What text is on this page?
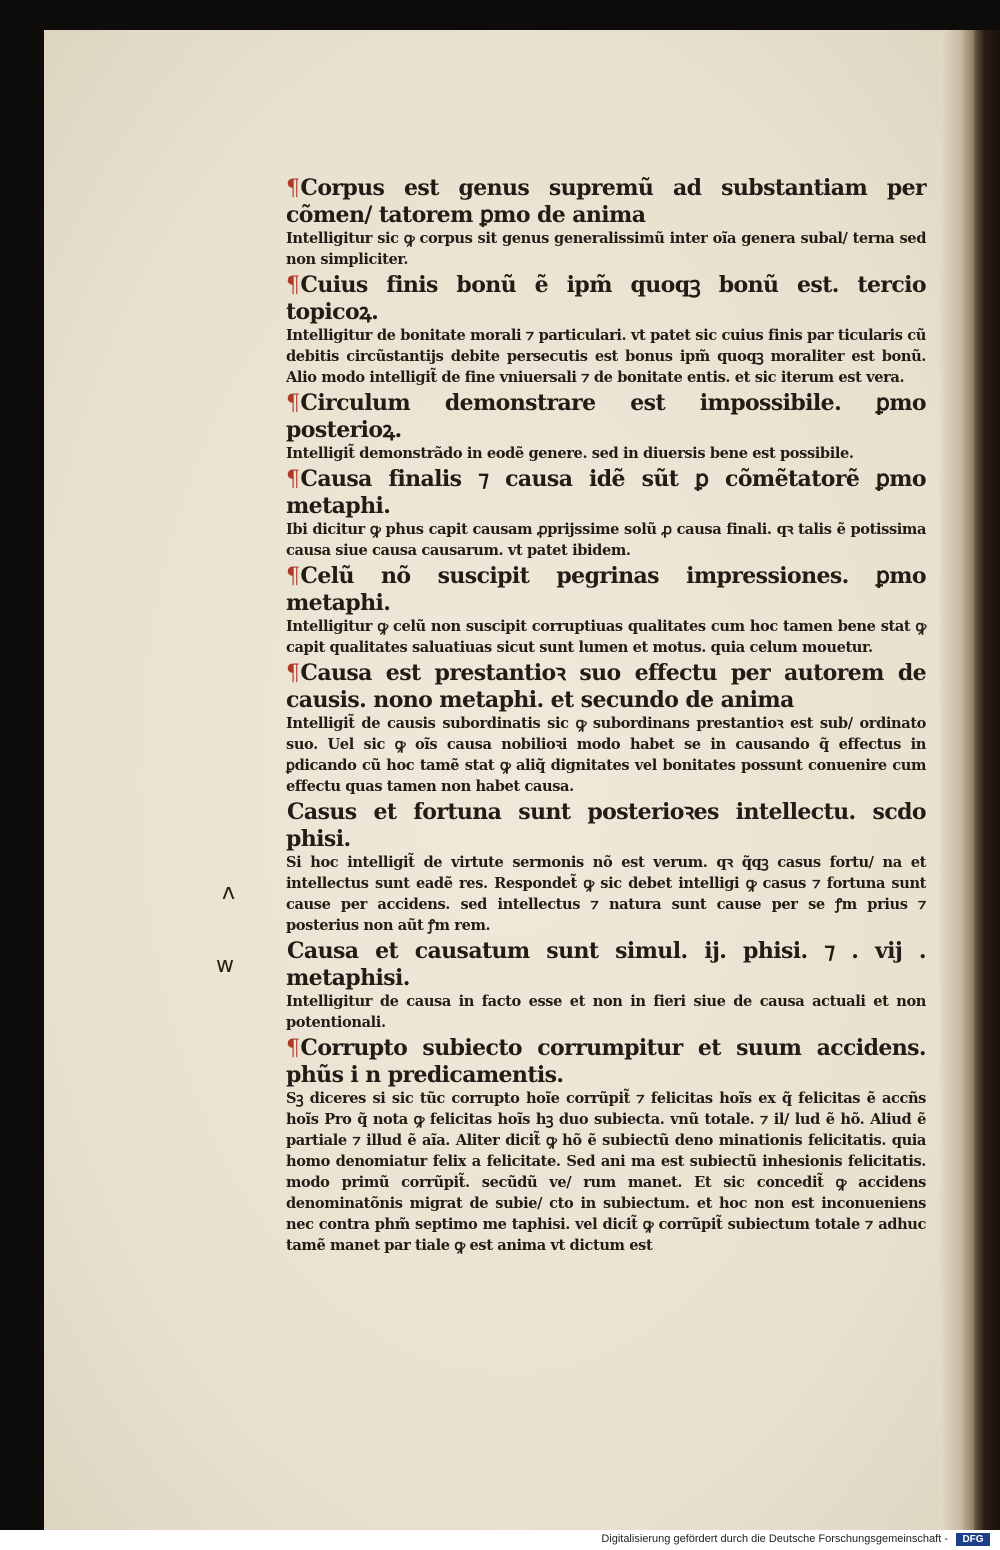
ʌ
w

¶Corpus est genus supremũ ad substantiam per cõmen/ tatorem ꝑmo de anima

Intelligitur sic ꝙ corpus sit genus generalissimũ inter oĩa genera subal/ terna sed non simpliciter.

¶Cuius finis bonũ ẽ ipm̃ quoqꝫ bonũ est. tercio topicoꝝ.

Intelligitur de bonitate morali ⁊ particulari. vt patet sic cuius finis par ticularis cũ debitis circũstantijs debite persecutis est bonus ipm̃ quoqꝫ moraliter est bonũ. Alio modo intelligit̃ de fine vniuersali ⁊ de bonitate entis. et sic iterum est vera.

¶Circulum demonstrare est impossibile. ꝑmo posterioꝝ.

Intelligit̃ demonstrãdo in eodẽ genere. sed in diuersis bene est possibile.

¶Causa finalis ⁊ causa idẽ sũt ꝑ cõmẽtatorẽ ꝑmo metaphi.

Ibi dicitur ꝙ phus capit causam ꝓprijssime solũ ꝓ causa finali. qꝛ talis ẽ potissima causa siue causa causarum. vt patet ibidem.

¶Celũ nõ suscipit pegrinas impressiones. ꝑmo metaphi.

Intelligitur ꝙ celũ non suscipit corruptiuas qualitates cum hoc tamen bene stat ꝙ capit qualitates saluatiuas sicut sunt lumen et motus. quia celum mouetur.

¶Causa est prestantioꝛ suo effectu per autorem de causis. nono metaphi. et secundo de anima

Intelligit̃ de causis subordinatis sic ꝙ subordinans prestantioꝛ est sub/ ordinato suo. Uel sic ꝙ oĩs causa nobilioꝛi modo habet se in causando q̃ effectus in ꝑdicando cũ hoc tamẽ stat ꝙ aliq̃ dignitates vel bonitates possunt conuenire cum effectu quas tamen non habet causa.

Casus et fortuna sunt posterioꝛes intellectu. scdo phisi.

Si hoc intelligit̃ de virtute sermonis nõ est verum. qꝛ q̃qꝫ casus fortu/ na et intellectus sunt eadẽ res. Respondet̃ ꝙ sic debet intelligi ꝙ casus ⁊ fortuna sunt cause per accidens. sed intellectus ⁊ natura sunt cause per se ꝭm prius ⁊ posterius non aũt ꝭm rem.

Causa et causatum sunt simul. ij. phisi. ⁊ . vij . metaphisi.

Intelligitur de causa in facto esse et non in fieri siue de causa actuali et non potentionali.

¶Corrupto subiecto corrumpitur et suum accidens. phũs i n predicamentis.

Sꝫ diceres si sic tũc corrupto hoĩe corrũpit̃ ⁊ felicitas hoĩs ex q̃ felicitas ẽ accñs hoĩs Pro q̃ nota ꝙ felicitas hoĩs hꝫ duo subiecta. vnũ totale. ⁊ il/ lud ẽ hõ. Aliud ẽ partiale ⁊ illud ẽ aĩa. Aliter dicit̃ ꝙ hõ ẽ subiectũ deno minationis felicitatis. quia homo denomiatur felix a felicitate. Sed ani ma est subiectũ inhesionis felicitatis. modo primũ corrũpit̃. secũdũ ve/ rum manet. Et sic concedit̃ ꝙ accidens denominatõnis migrat de subie/ cto in subiectum. et hoc non est inconueniens nec contra phm̃ septimo me taphisi. vel dicit̃ ꝙ corrũpit̃ subiectum totale ⁊ adhuc tamẽ manet par tiale ꝙ est anima vt dictum est

Digitalisierung gefördert durch die Deutsche Forschungsgemeinschaft -	DFG
